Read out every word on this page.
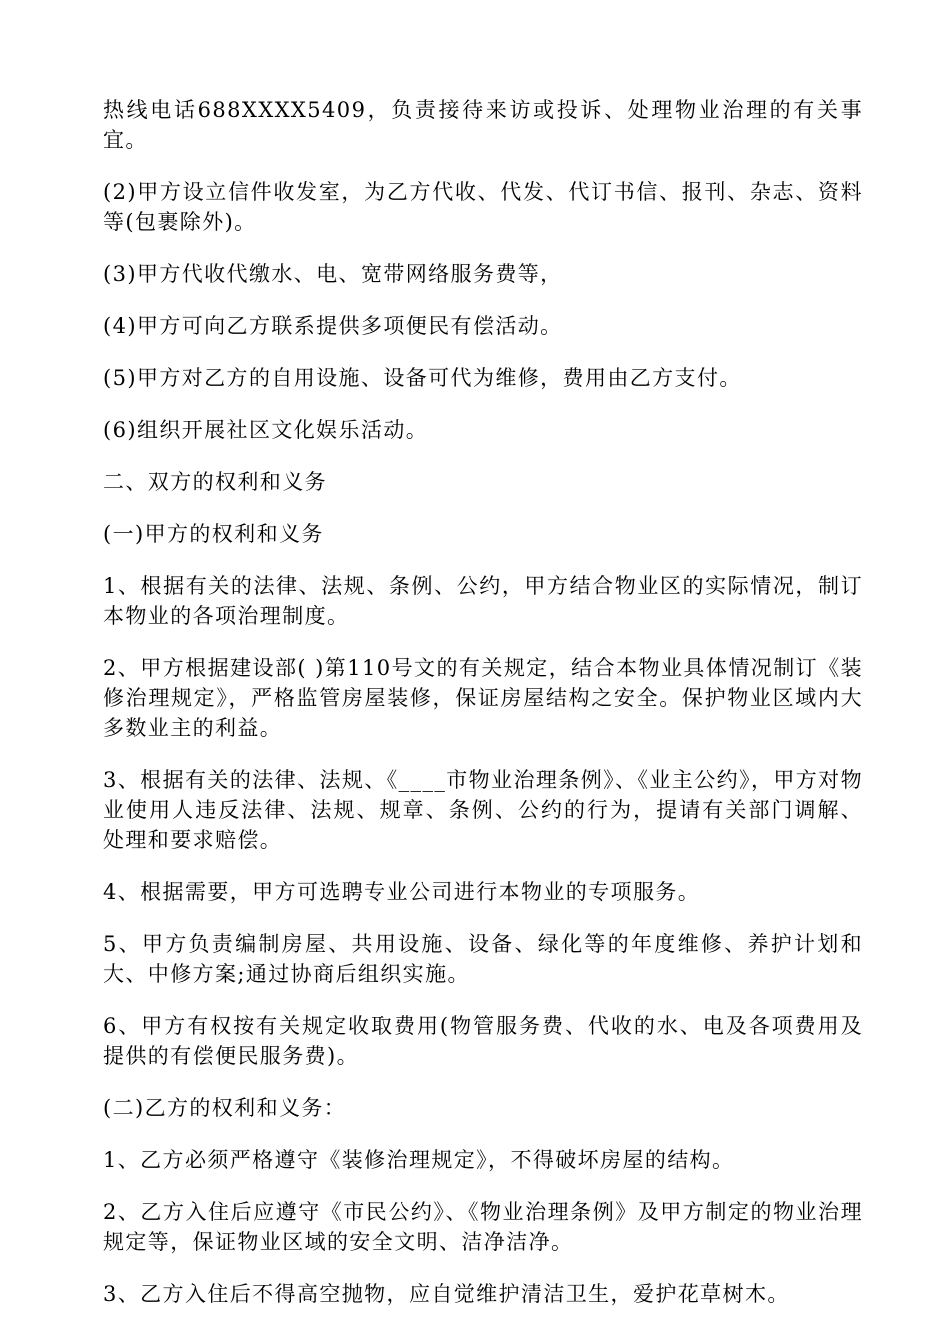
热线电话688XXXX5409，负责接待来访或投诉、处理物业治理的有关事宜。

(2)甲方设立信件收发室，为乙方代收、代发、代订书信、报刊、杂志、资料等(包裹除外)。

(3)甲方代收代缴水、电、宽带网络服务费等，

(4)甲方可向乙方联系提供多项便民有偿活动。

(5)甲方对乙方的自用设施、设备可代为维修，费用由乙方支付。

(6)组织开展社区文化娱乐活动。

二、双方的权利和义务

(一)甲方的权利和义务

1、根据有关的法律、法规、条例、公约，甲方结合物业区的实际情况，制订本物业的各项治理制度。

2、甲方根据建设部( )第110号文的有关规定，结合本物业具体情况制订《装修治理规定》，严格监管房屋装修，保证房屋结构之安全。保护物业区域内大多数业主的利益。

3、根据有关的法律、法规、《____市物业治理条例》、《业主公约》，甲方对物业使用人违反法律、法规、规章、条例、公约的行为，提请有关部门调解、处理和要求赔偿。

4、根据需要，甲方可选聘专业公司进行本物业的专项服务。

5、甲方负责编制房屋、共用设施、设备、绿化等的年度维修、养护计划和大、中修方案;通过协商后组织实施。

6、甲方有权按有关规定收取费用(物管服务费、代收的水、电及各项费用及提供的有偿便民服务费)。

(二)乙方的权利和义务：

1、乙方必须严格遵守《装修治理规定》，不得破坏房屋的结构。

2、乙方入住后应遵守《市民公约》、《物业治理条例》及甲方制定的物业治理规定等，保证物业区域的安全文明、洁净洁净。

3、乙方入住后不得高空抛物，应自觉维护清洁卫生，爱护花草树木。
